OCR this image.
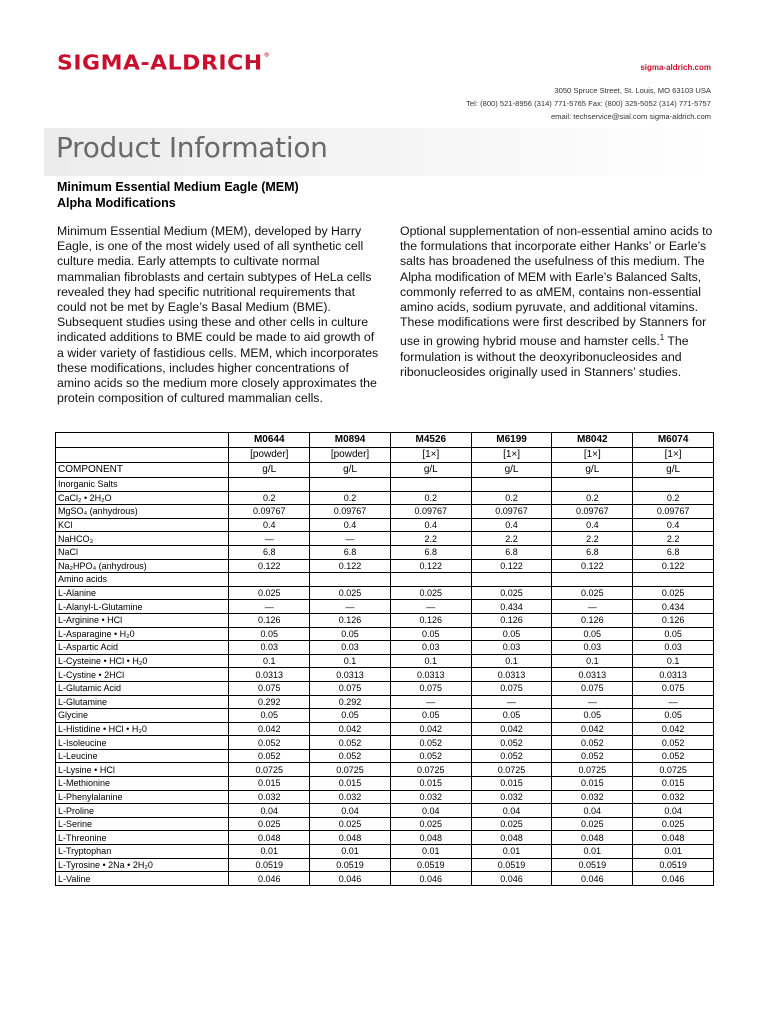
SIGMA-ALDRICH®
sigma-aldrich.com
3050 Spruce Street, St. Louis, MO 63103 USA
Tel: (800) 521-8956 (314) 771-5765 Fax: (800) 325-5052 (314) 771-5757
email: techservice@sial.com sigma-aldrich.com
Product Information
Minimum Essential Medium Eagle (MEM)
Alpha Modifications
Minimum Essential Medium (MEM), developed by Harry Eagle, is one of the most widely used of all synthetic cell culture media. Early attempts to cultivate normal mammalian fibroblasts and certain subtypes of HeLa cells revealed they had specific nutritional requirements that could not be met by Eagle’s Basal Medium (BME). Subsequent studies using these and other cells in culture indicated additions to BME could be made to aid growth of a wider variety of fastidious cells. MEM, which incorporates these modifications, includes higher concentrations of amino acids so the medium more closely approximates the protein composition of cultured mammalian cells.
Optional supplementation of non-essential amino acids to the formulations that incorporate either Hanks’ or Earle’s salts has broadened the usefulness of this medium. The Alpha modification of MEM with Earle’s Balanced Salts, commonly referred to as αMEM, contains non-essential amino acids, sodium pyruvate, and additional vitamins. These modifications were first described by Stanners for use in growing hybrid mouse and hamster cells.$^1$ The formulation is without the deoxyribonucleosides and ribonucleosides originally used in Stanners’ studies.
	M0644	M0894	M4526	M6199	M8042	M6074
	[powder]	[powder]	[1×]	[1×]	[1×]	[1×]
COMPONENT	g/L	g/L	g/L	g/L	g/L	g/L
Inorganic Salts						
CaCl₂ • 2H₂O	0.2	0.2	0.2	0.2	0.2	0.2
MgSO₄ (anhydrous)	0.09767	0.09767	0.09767	0.09767	0.09767	0.09767
KCl	0.4	0.4	0.4	0.4	0.4	0.4
NaHCO₃	—	—	2.2	2.2	2.2	2.2
NaCl	6.8	6.8	6.8	6.8	6.8	6.8
Na₂HPO₄ (anhydrous)	0.122	0.122	0.122	0.122	0.122	0.122
Amino acids						
L-Alanine	0.025	0.025	0.025	0.025	0.025	0.025
L-Alanyl-L-Glutamine	—	—	—	0.434	—	0.434
L-Arginine • HCl	0.126	0.126	0.126	0.126	0.126	0.126
L-Asparagine • H₂0	0.05	0.05	0.05	0.05	0.05	0.05
L-Aspartic Acid	0.03	0.03	0.03	0.03	0.03	0.03
L-Cysteine • HCl • H₂0	0.1	0.1	0.1	0.1	0.1	0.1
L-Cystine • 2HCl	0.0313	0.0313	0.0313	0.0313	0.0313	0.0313
L-Glutamic Acid	0.075	0.075	0.075	0.075	0.075	0.075
L-Glutamine	0.292	0.292	—	—	—	—
Glycine	0.05	0.05	0.05	0.05	0.05	0.05
L-Histidine • HCl • H₂0	0.042	0.042	0.042	0.042	0.042	0.042
L-Isoleucine	0.052	0.052	0.052	0.052	0.052	0.052
L-Leucine	0.052	0.052	0.052	0.052	0.052	0.052
L-Lysine • HCl	0.0725	0.0725	0.0725	0.0725	0.0725	0.0725
L-Methionine	0.015	0.015	0.015	0.015	0.015	0.015
L-Phenylalanine	0.032	0.032	0.032	0.032	0.032	0.032
L-Proline	0.04	0.04	0.04	0.04	0.04	0.04
L-Serine	0.025	0.025	0.025	0.025	0.025	0.025
L-Threonine	0.048	0.048	0.048	0.048	0.048	0.048
L-Tryptophan	0.01	0.01	0.01	0.01	0.01	0.01
L-Tyrosine • 2Na • 2H₂0	0.0519	0.0519	0.0519	0.0519	0.0519	0.0519
L-Valine	0.046	0.046	0.046	0.046	0.046	0.046
